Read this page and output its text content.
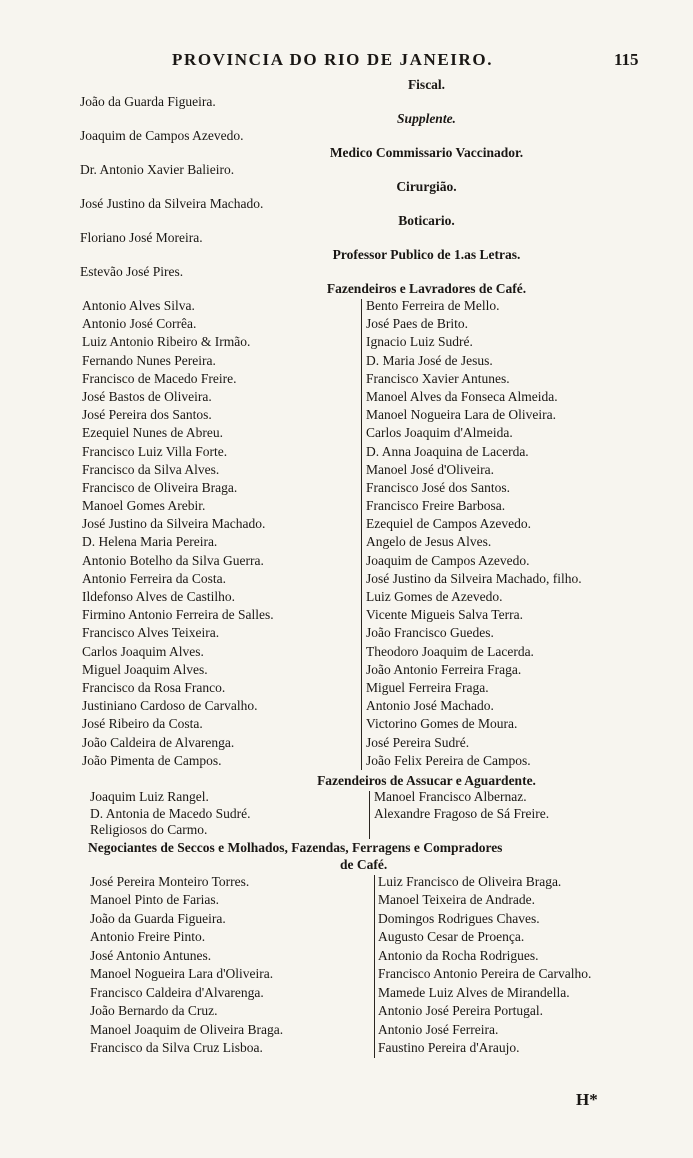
PROVINCIA DO RIO DE JANEIRO.	115
Fiscal.
João da Guarda Figueira.
Supplente.
Joaquim de Campos Azevedo.
Medico Commissario Vaccinador.
Dr. Antonio Xavier Balieiro.
Cirurgião.
José Justino da Silveira Machado.
Boticario.
Floriano José Moreira.
Professor Publico de 1.as Letras.
Estevão José Pires.
Fazendeiros e Lavradores de Café.
Antonio Alves Silva.	Bento Ferreira de Mello.
Antonio José Corrêa.	José Paes de Brito.
Luiz Antonio Ribeiro & Irmão.	Ignacio Luiz Sudré.
Fernando Nunes Pereira.	D. Maria José de Jesus.
Francisco de Macedo Freire.	Francisco Xavier Antunes.
José Bastos de Oliveira.	Manoel Alves da Fonseca Almeida.
José Pereira dos Santos.	Manoel Nogueira Lara de Oliveira.
Ezequiel Nunes de Abreu.	Carlos Joaquim d'Almeida.
Francisco Luiz Villa Forte.	D. Anna Joaquina de Lacerda.
Francisco da Silva Alves.	Manoel José d'Oliveira.
Francisco de Oliveira Braga.	Francisco José dos Santos.
Manoel Gomes Arebir.	Francisco Freire Barbosa.
José Justino da Silveira Machado.	Ezequiel de Campos Azevedo.
D. Helena Maria Pereira.	Angelo de Jesus Alves.
Antonio Botelho da Silva Guerra.	Joaquim de Campos Azevedo.
Antonio Ferreira da Costa.	José Justino da Silveira Machado, filho.
Ildefonso Alves de Castilho.	Luiz Gomes de Azevedo.
Firmino Antonio Ferreira de Salles.	Vicente Migueis Salva Terra.
Francisco Alves Teixeira.	João Francisco Guedes.
Carlos Joaquim Alves.	Theodoro Joaquim de Lacerda.
Miguel Joaquim Alves.	João Antonio Ferreira Fraga.
Francisco da Rosa Franco.	Miguel Ferreira Fraga.
Justiniano Cardoso de Carvalho.	Antonio José Machado.
José Ribeiro da Costa.	Victorino Gomes de Moura.
João Caldeira de Alvarenga.	José Pereira Sudré.
João Pimenta de Campos.	João Felix Pereira de Campos.
Fazendeiros de Assucar e Aguardente.
Joaquim Luiz Rangel.	Manoel Francisco Albernaz.
D. Antonia de Macedo Sudré.	Alexandre Fragoso de Sá Freire.
Religiosos do Carmo.
Negociantes de Seccos e Molhados, Fazendas, Ferragens e Compradores
de Café.
José Pereira Monteiro Torres.	Luiz Francisco de Oliveira Braga.
Manoel Pinto de Farias.	Manoel Teixeira de Andrade.
João da Guarda Figueira.	Domingos Rodrigues Chaves.
Antonio Freire Pinto.	Augusto Cesar de Proença.
José Antonio Antunes.	Antonio da Rocha Rodrigues.
Manoel Nogueira Lara d'Oliveira.	Francisco Antonio Pereira de Carvalho.
Francisco Caldeira d'Alvarenga.	Mamede Luiz Alves de Mirandella.
João Bernardo da Cruz.	Antonio José Pereira Portugal.
Manoel Joaquim de Oliveira Braga.	Antonio José Ferreira.
Francisco da Silva Cruz Lisboa.	Faustino Pereira d'Araujo.
H*
